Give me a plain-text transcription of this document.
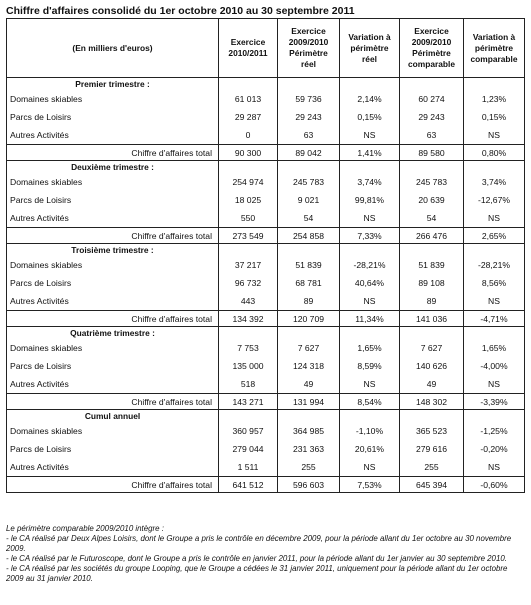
Chiffre d'affaires consolidé du 1er octobre 2010 au 30 septembre 2011
(En milliers d'euros)	Exercice 2010/2011	Exercice 2009/2010 Périmètre réel	Variation à périmètre réel	Exercice 2009/2010 Périmètre comparable	Variation à périmètre comparable
Premier trimestre :					
Domaines skiables	61 013	59 736	2,14%	60 274	1,23%
Parcs de Loisirs	29 287	29 243	0,15%	29 243	0,15%
Autres Activités	0	63	NS	63	NS
Chiffre d'affaires total	90 300	89 042	1,41%	89 580	0,80%
Deuxième trimestre :					
Domaines skiables	254 974	245 783	3,74%	245 783	3,74%
Parcs de Loisirs	18 025	9 021	99,81%	20 639	-12,67%
Autres Activités	550	54	NS	54	NS
Chiffre d'affaires total	273 549	254 858	7,33%	266 476	2,65%
Troisième trimestre :					
Domaines skiables	37 217	51 839	-28,21%	51 839	-28,21%
Parcs de Loisirs	96 732	68 781	40,64%	89 108	8,56%
Autres Activités	443	89	NS	89	NS
Chiffre d'affaires total	134 392	120 709	11,34%	141 036	-4,71%
Quatrième trimestre :					
Domaines skiables	7 753	7 627	1,65%	7 627	1,65%
Parcs de Loisirs	135 000	124 318	8,59%	140 626	-4,00%
Autres Activités	518	49	NS	49	NS
Chiffre d'affaires total	143 271	131 994	8,54%	148 302	-3,39%
Cumul annuel					
Domaines skiables	360 957	364 985	-1,10%	365 523	-1,25%
Parcs de Loisirs	279 044	231 363	20,61%	279 616	-0,20%
Autres Activités	1 511	255	NS	255	NS
Chiffre d'affaires total	641 512	596 603	7,53%	645 394	-0,60%
Le périmètre comparable 2009/2010 intègre :
- le CA réalisé par Deux Alpes Loisirs, dont le Groupe a pris le contrôle en décembre 2009, pour la période allant du 1er octobre au 30 novembre 2009.
- le CA réalisé par le Futuroscope, dont le Groupe a pris le contrôle en janvier 2011, pour la période allant du 1er janvier au 30 septembre 2010.
- le CA réalisé par les sociétés du groupe Looping, que le Groupe a cédées le 31 janvier 2011, uniquement pour la période allant du 1er octobre 2009 au 31 janvier 2010.
